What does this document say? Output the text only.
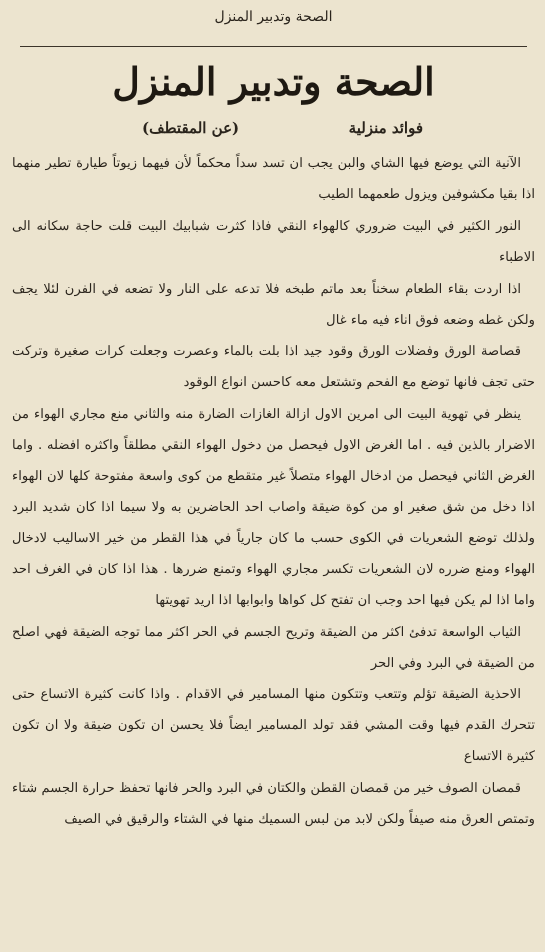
الصحة وتدبير المنزل
الصحة وتدبير المنزل
فوائد منزلية
(عن المقتطف)

الآنية التي يوضع فيها الشاي والبن يجب ان تسد سداً محكماً لأن فيهما زيوتاً طيارة تطير منهما اذا بقيا مكشوفين ويزول طعمهما الطيب

النور الكثير في البيت ضروري كالهواء النقي فاذا كثرت شبابيك البيت قلت حاجة سكانه الى الاطباء

اذا اردت بقاء الطعام سخناً بعد ماتم طبخه فلا تدعه على النار ولا تضعه في الفرن لئلا يجف ولكن غطه وضعه فوق اناء فيه ماء غال

قصاصة الورق وفضلات الورق وقود جيد اذا بلت بالماء وعصرت وجعلت كرات صغيرة وتركت حتى تجف فانها توضع مع الفحم وتشتعل معه كاحسن انواع الوقود

ينظر في تهوية البيت الى امرين الاول ازالة الغازات الضارة منه والثاني منع مجاري الهواء من الاضرار بالذين فيه . اما الغرض الاول فيحصل من دخول الهواء النقي مطلقاً واكثره افضله . واما الغرض الثاني فيحصل من ادخال الهواء متصلاً غير متقطع من كوى واسعة مفتوحة كلها لان الهواء اذا دخل من شق صغير او من كوة ضيقة واصاب احد الحاضرين به ولا سيما اذا كان شديد البرد ولذلك توضع الشعريات في الكوى حسب ما كان جارياً في هذا القطر من خير الاساليب لادخال الهواء ومنع ضرره لان الشعريات تكسر مجاري الهواء وتمنع ضررها . هذا اذا كان في الغرف احد واما اذا لم يكن فيها احد وجب ان تفتح كل كواها وابوابها اذا اريد تهويتها

الثياب الواسعة تدفئ اكثر من الضيقة وتريح الجسم في الحر اكثر مما توجه الضيقة فهي اصلح من الضيقة في البرد وفي الحر

الاحذية الضيقة تؤلم وتتعب وتتكون منها المسامير في الاقدام . واذا كانت كثيرة الاتساع حتى تتحرك القدم فيها وقت المشي فقد تولد المسامير ايضاً فلا يحسن ان تكون ضيقة ولا ان تكون كثيرة الاتساع

قمصان الصوف خير من قمصان القطن والكتان في البرد والحر فانها تحفظ حرارة الجسم شتاء وتمتص العرق منه صيفاً ولكن لابد من لبس السميك منها في الشتاء والرقيق في الصيف
